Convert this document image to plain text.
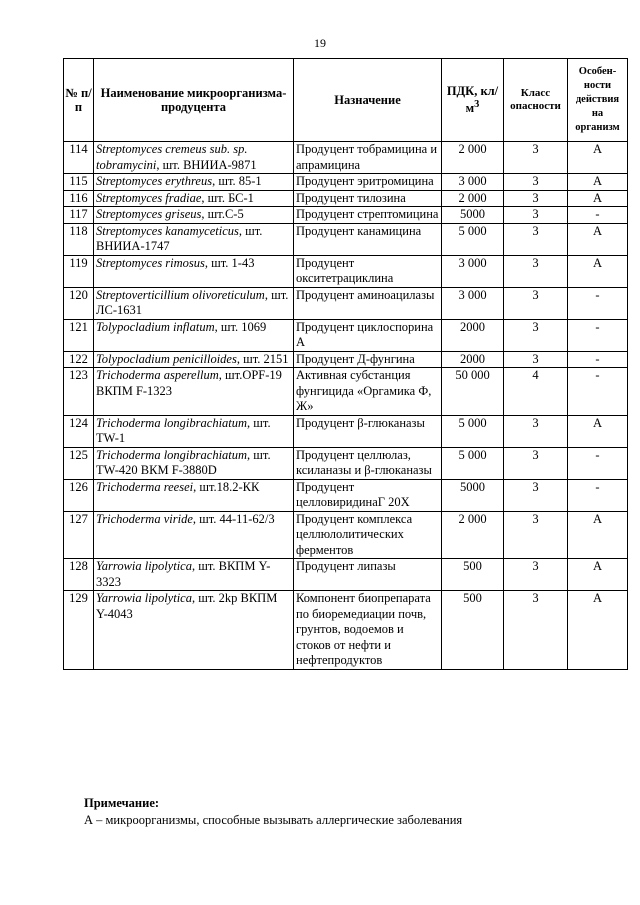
19
№ п/п	Наименование микроорганизма-продуцента	Назначение	ПДК, $кл/м^3$	Класс опасности	Особен-ности действия на организм
114	Streptomyces cremeus sub. sp. tobramycini, шт. ВНИИА-9871	Продуцент тобрамицина и апрамицина	2 000	3	А
115	Streptomyces erythreus, шт. 85-1	Продуцент эритромицина	3 000	3	А
116	Streptomyces fradiae, шт. БС-1	Продуцент тилозина	2 000	3	А
117	Streptomyces griseus, шт.С-5	Продуцент стрептомицина	5000	3	-
118	Streptomyces kanamyceticus, шт. ВНИИА-1747	Продуцент канамицина	5 000	3	А
119	Streptomyces rimosus, шт. 1-43	Продуцент окситетрациклина	3 000	3	А
120	Streptoverticillium olivoreticulum, шт. ЛС-1631	Продуцент аминоацилазы	3 000	3	-
121	Tolypocladium inflatum, шт. 1069	Продуцент циклоспорина А	2000	3	-
122	Tolypocladium penicilloides, шт. 2151	Продуцент Д-фунгина	2000	3	-
123	Trichoderma asperellum, шт.OPF-19 ВКПМ F-1323	Активная субстанция фунгицида «Оргамика Ф, Ж»	50 000	4	-
124	Trichoderma longibrachiatum, шт. TW-1	Продуцент β-глюканазы	5 000	3	А
125	Trichoderma longibrachiatum, шт. TW-420 ВКМ F-3880D	Продуцент целлюлаз, ксиланазы и β-глюканазы	5 000	3	-
126	Trichoderma reesei, шт.18.2-КК	Продуцент целловиридинаГ 20Х	5000	3	-
127	Trichoderma viride, шт. 44-11-62/3	Продуцент комплекса целлюлолитических ферментов	2 000	3	А
128	Yarrowia lipolytica, шт. ВКПМ Y-3323	Продуцент липазы	500	3	А
129	Yarrowia lipolytica, шт. 2kp ВКПМ Y-4043	Компонент биопрепарата по биоремедиации почв, грунтов, водоемов и стоков от нефти и нефтепродуктов	500	3	А
Примечание:
А – микроорганизмы, способные вызывать аллергические заболевания
